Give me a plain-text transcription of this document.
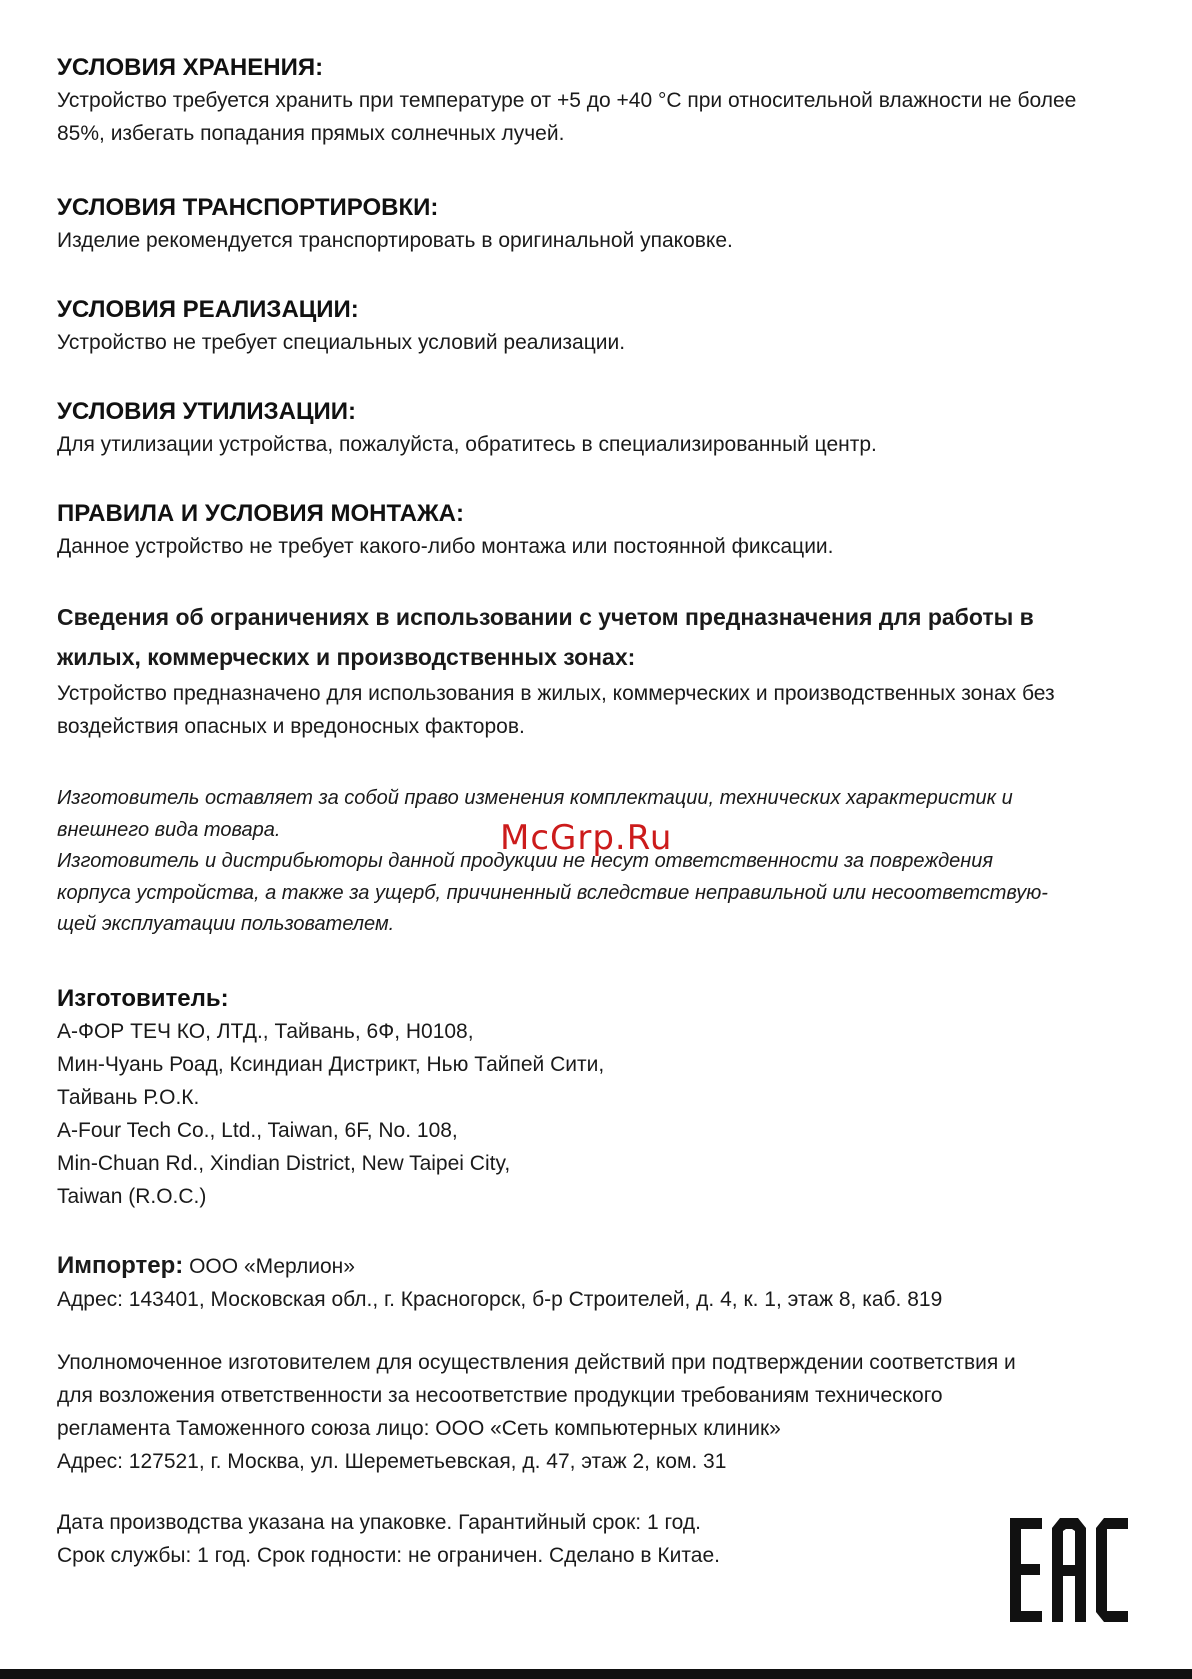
УСЛОВИЯ ХРАНЕНИЯ:

Устройство требуется хранить при температуре от +5 до +40 °С при относительной влажности не более
85%, избегать попадания прямых солнечных лучей.

УСЛОВИЯ ТРАНСПОРТИРОВКИ:

Изделие рекомендуется транспортировать в оригинальной упаковке.

УСЛОВИЯ РЕАЛИЗАЦИИ:

Устройство не требует специальных условий реализации.

УСЛОВИЯ УТИЛИЗАЦИИ:

Для утилизации устройства, пожалуйста, обратитесь в специализированный центр.

ПРАВИЛА И УСЛОВИЯ МОНТАЖА:

Данное устройство не требует какого-либо монтажа или постоянной фиксации.

Сведения об ограничениях в использовании с учетом предназначения для работы в
жилых, коммерческих и производственных зонах:

Устройство предназначено для использования в жилых, коммерческих и производственных зонах без
воздействия опасных и вредоносных факторов.

Изготовитель оставляет за собой право изменения комплектации, технических характеристик и
внешнего вида товара.
Изготовитель и дистрибьюторы данной продукции не несут ответственности за повреждения
корпуса устройства, а также за ущерб, причиненный вследствие неправильной или несоответствую-
щей эксплуатации пользователем.

Изготовитель:

А-ФОР ТЕЧ КО, ЛТД., Тайвань, 6Ф, Н0108,
Мин-Чуань Роад, Ксиндиан Дистрикт, Нью Тайпей Сити,
Тайвань Р.О.К.
A-Four Tech Co., Ltd., Taiwan, 6F, No. 108,
Min-Chuan Rd., Xindian District, New Taipei City,
Taiwan (R.O.C.)

Импортер: ООО «Мерлион»

Адрес: 143401, Московская обл., г. Красногорск, б-р Строителей, д. 4, к. 1, этаж 8, каб. 819

Уполномоченное изготовителем для осуществления действий при подтверждении соответствия и
для возложения ответственности за несоответствие продукции требованиям технического
регламента Таможенного союза лицо: ООО «Сеть компьютерных клиник»
Адрес: 127521, г. Москва, ул. Шереметьевская, д. 47, этаж 2, ком. 31

Дата производства указана на упаковке. Гарантийный срок: 1 год.
Срок службы: 1 год. Срок годности: не ограничен. Сделано в Китае.

McGrp.Ru
